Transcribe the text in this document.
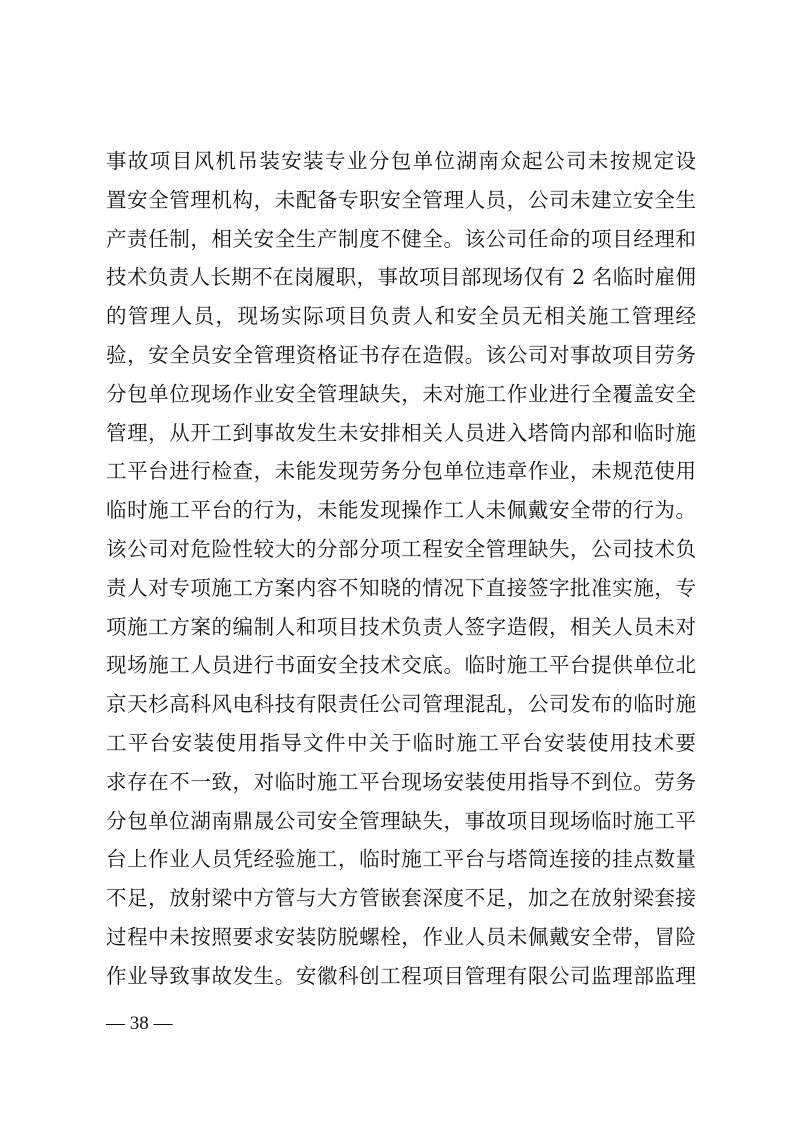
事故项目风机吊装安装专业分包单位湖南众起公司未按规定设
置安全管理机构，未配备专职安全管理人员，公司未建立安全生
产责任制，相关安全生产制度不健全。该公司任命的项目经理和
技术负责人长期不在岗履职，事故项目部现场仅有 2 名临时雇佣
的管理人员，现场实际项目负责人和安全员无相关施工管理经
验，安全员安全管理资格证书存在造假。该公司对事故项目劳务
分包单位现场作业安全管理缺失，未对施工作业进行全覆盖安全
管理，从开工到事故发生未安排相关人员进入塔筒内部和临时施
工平台进行检查，未能发现劳务分包单位违章作业，未规范使用
临时施工平台的行为，未能发现操作工人未佩戴安全带的行为。
该公司对危险性较大的分部分项工程安全管理缺失，公司技术负
责人对专项施工方案内容不知晓的情况下直接签字批准实施，专
项施工方案的编制人和项目技术负责人签字造假，相关人员未对
现场施工人员进行书面安全技术交底。临时施工平台提供单位北
京天杉高科风电科技有限责任公司管理混乱，公司发布的临时施
工平台安装使用指导文件中关于临时施工平台安装使用技术要
求存在不一致，对临时施工平台现场安装使用指导不到位。劳务
分包单位湖南鼎晟公司安全管理缺失，事故项目现场临时施工平
台上作业人员凭经验施工，临时施工平台与塔筒连接的挂点数量
不足，放射梁中方管与大方管嵌套深度不足，加之在放射梁套接
过程中未按照要求安装防脱螺栓，作业人员未佩戴安全带，冒险
作业导致事故发生。安徽科创工程项目管理有限公司监理部监理
— 38 —
